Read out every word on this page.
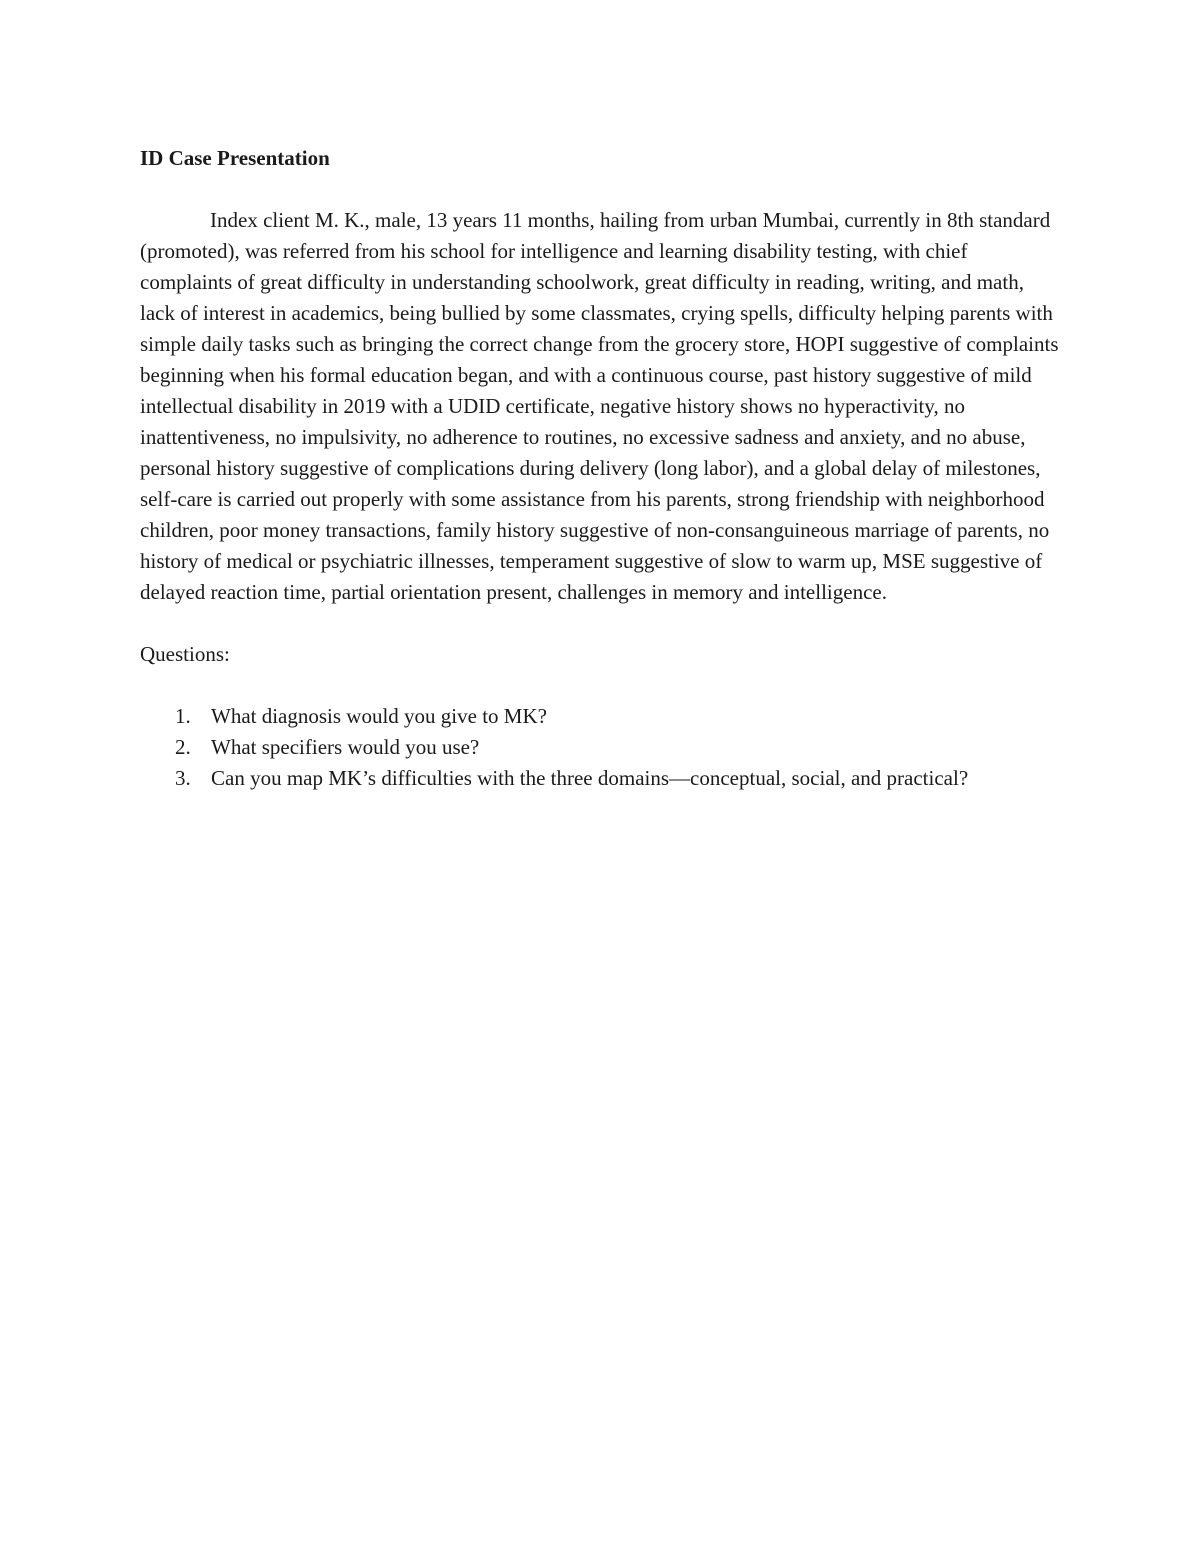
ID Case Presentation

Index client M. K., male, 13 years 11 months, hailing from urban Mumbai, currently in 8th standard (promoted), was referred from his school for intelligence and learning disability testing, with chief complaints of great difficulty in understanding schoolwork, great difficulty in reading, writing, and math, lack of interest in academics, being bullied by some classmates, crying spells, difficulty helping parents with simple daily tasks such as bringing the correct change from the grocery store, HOPI suggestive of complaints beginning when his formal education began, and with a continuous course, past history suggestive of mild intellectual disability in 2019 with a UDID certificate, negative history shows no hyperactivity, no inattentiveness, no impulsivity, no adherence to routines, no excessive sadness and anxiety, and no abuse, personal history suggestive of complications during delivery (long labor), and a global delay of milestones, self-care is carried out properly with some assistance from his parents, strong friendship with neighborhood children, poor money transactions, family history suggestive of non-consanguineous marriage of parents, no history of medical or psychiatric illnesses, temperament suggestive of slow to warm up, MSE suggestive of delayed reaction time, partial orientation present, challenges in memory and intelligence.

Questions:

1. What diagnosis would you give to MK?
2. What specifiers would you use?
3. Can you map MK’s difficulties with the three domains—conceptual, social, and practical?
